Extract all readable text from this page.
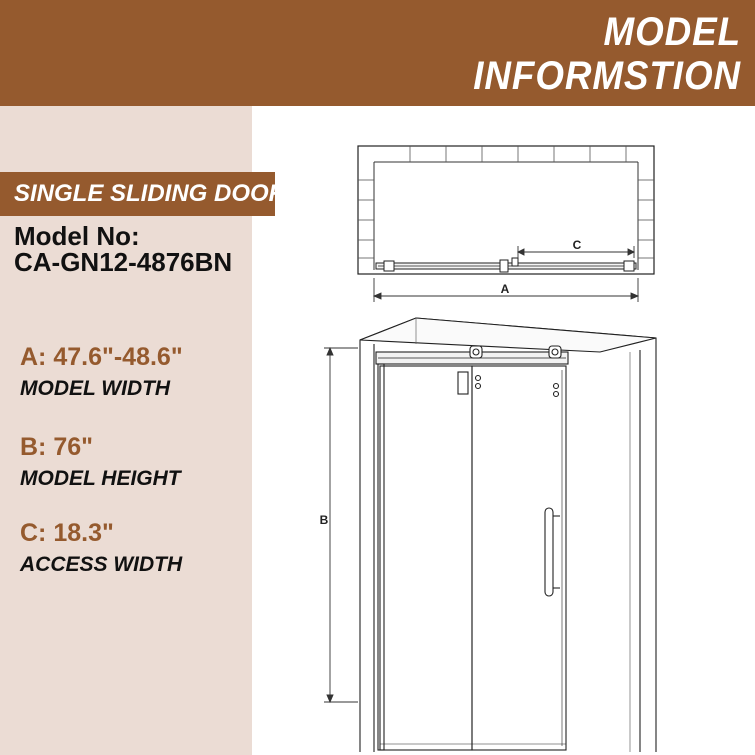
MODEL
INFORMSTION
SINGLE SLIDING DOOR
Model No:
CA-GN12-4876BN
A: 47.6"-48.6"
MODEL WIDTH
B: 76"
MODEL HEIGHT
C: 18.3"
ACCESS WIDTH
C
A
B
